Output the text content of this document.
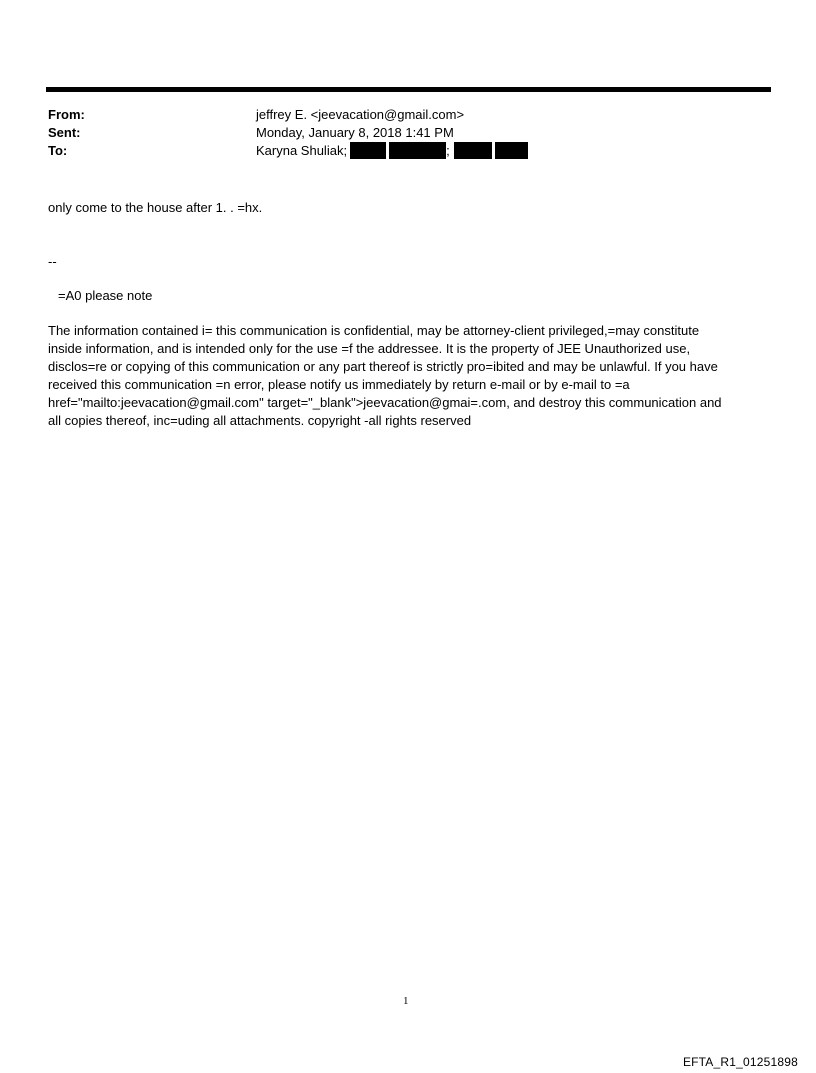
From:	jeffrey E. <jeevacation@gmail.com>
Sent:	Monday, January 8, 2018 1:41 PM
To:	Karyna Shuliak;	;
only come to the house after 1. . =hx.
--
=A0 please note
The information contained i= this communication is confidential, may be attorney-client privileged,=may constitute
inside information, and is intended only for the use =f the addressee. It is the property of JEE Unauthorized use,
disclos=re or copying of this communication or any part thereof is strictly pro=ibited and may be unlawful. If you have
received this communication =n error, please notify us immediately by return e-mail or by e-mail to =a
href="mailto:jeevacation@gmail.com" target="_blank">jeevacation@gmai=.com, and destroy this communication and
all copies thereof, inc=uding all attachments. copyright -all rights reserved
1
EFTA_R1_01251898
